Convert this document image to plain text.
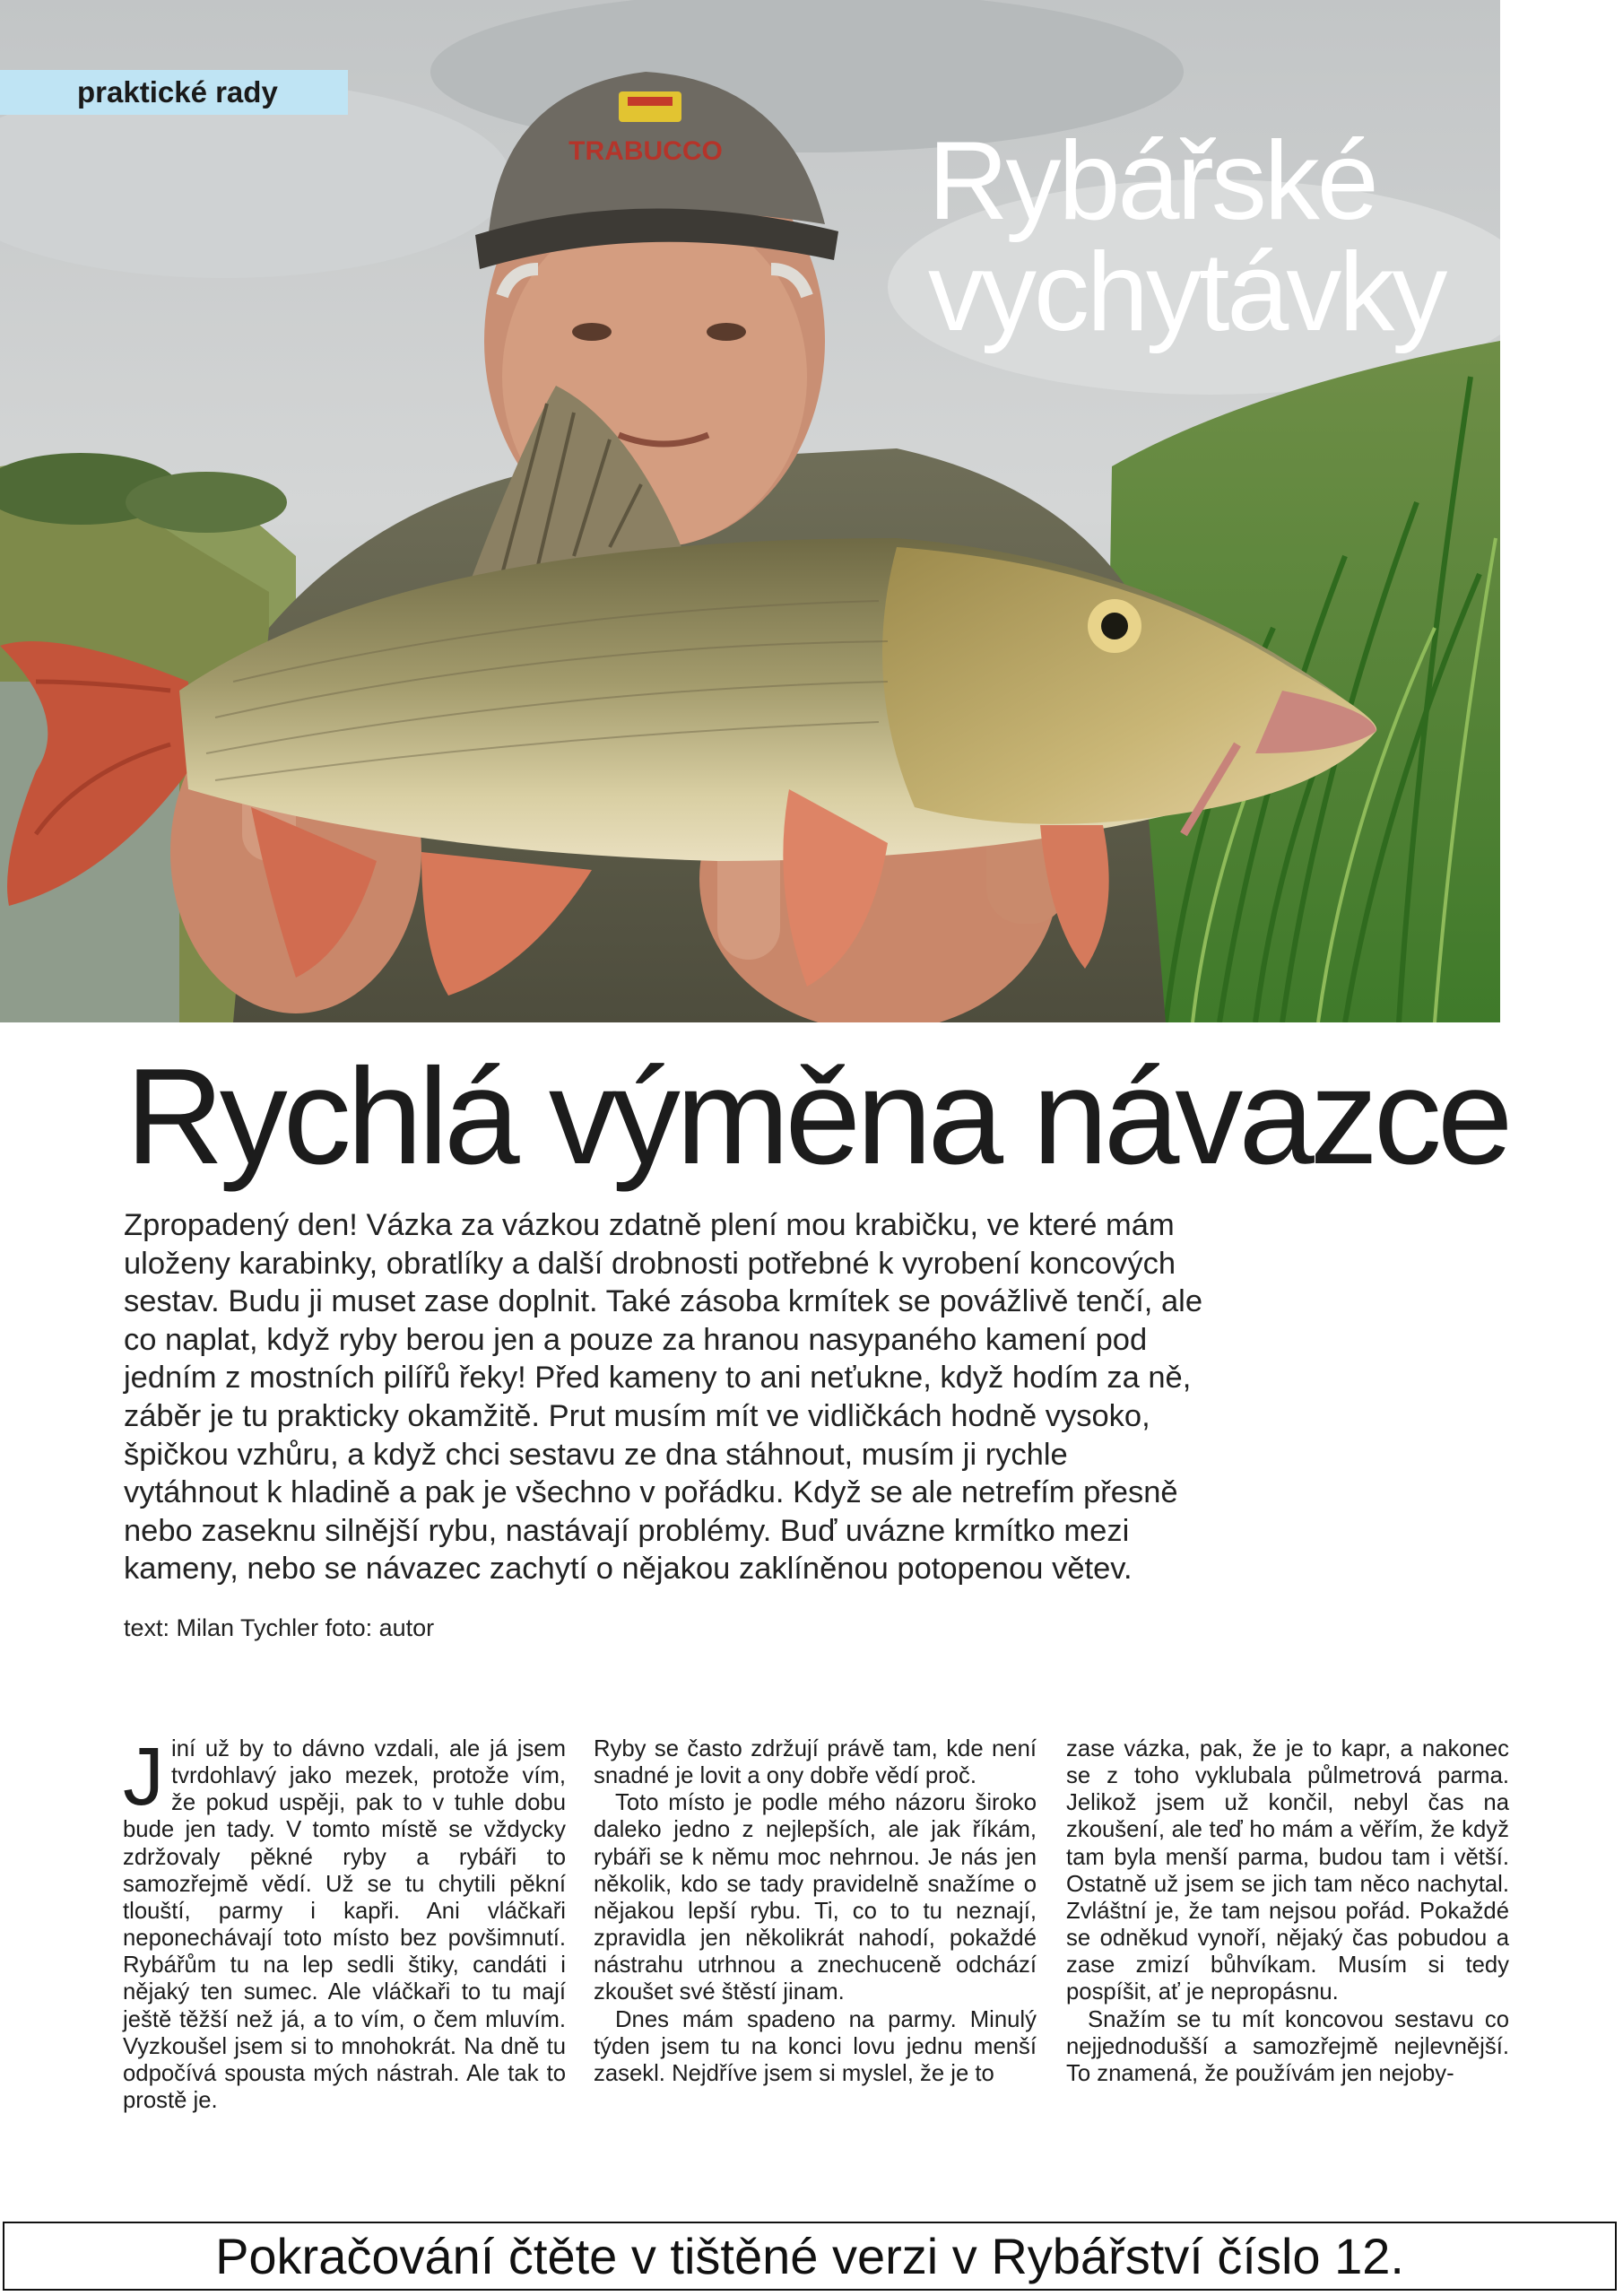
TRABUCCO
praktické rady
Rybářské
vychytávky
Rychlá výměna návazce

Zpropadený den! Vázka za vázkou zdatně plení mou krabičku, ve které mám uloženy karabinky, obratlíky a další drobnosti potřebné k vyrobení koncových sestav. Budu ji muset zase doplnit. Také zásoba krmítek se povážlivě tenčí, ale co naplat, když ryby berou jen a pouze za hranou nasypaného kamení pod jedním z mostních pilířů řeky! Před kameny to ani neťukne, když hodím za ně, záběr je tu prakticky okamžitě. Prut musím mít ve vidličkách hodně vysoko, špičkou vzhůru, a když chci sestavu ze dna stáhnout, musím ji rychle vytáhnout k hladině a pak je všechno v pořádku. Když se ale netrefím přesně nebo zaseknu silnější rybu, nastávají problémy. Buď uvázne krmítko mezi kameny, nebo se návazec zachytí o nějakou zaklíněnou potopenou větev.

text: Milan Tychler foto: autor

Jiní už by to dávno vzdali, ale já jsem tvrdohlavý jako mezek, protože vím, že pokud uspěji, pak to v tuhle dobu bude jen tady. V tomto místě se vždycky zdržovaly pěkné ryby a rybáři to samozřejmě vědí. Už se tu chytili pěkní tlouští, parmy i kapři. Ani vláčkaři neponechávají toto místo bez povšimnutí. Rybářům tu na lep sedli štiky, candáti i nějaký ten sumec. Ale vláčkaři to tu mají ještě těžší než já, a to vím, o čem mluvím. Vyzkoušel jsem si to mnohokrát. Na dně tu odpočívá spousta mých nástrah. Ale tak to prostě je.

Ryby se často zdržují právě tam, kde není snadné je lovit a ony dobře vědí proč.

Toto místo je podle mého názoru široko daleko jedno z nejlepších, ale jak říkám, rybáři se k němu moc nehrnou. Je nás jen několik, kdo se tady pravidelně snažíme o nějakou lepší rybu. Ti, co to tu neznají, zpravidla jen několikrát nahodí, pokaždé nástrahu utrhnou a znechuceně odchází zkoušet své štěstí jinam.

Dnes mám spadeno na parmy. Minulý týden jsem tu na konci lovu jednu menší zasekl. Nejdříve jsem si myslel, že je to

zase vázka, pak, že je to kapr, a nakonec se z toho vyklubala půlmetrová parma. Jelikož jsem už končil, nebyl čas na zkoušení, ale teď ho mám a věřím, že když tam byla menší parma, budou tam i větší. Ostatně už jsem se jich tam něco nachytal. Zvláštní je, že tam nejsou pořád. Pokaždé se odněkud vynoří, nějaký čas pobudou a zase zmizí bůhvíkam. Musím si tedy pospíšit, ať je nepropásnu.

Snažím se tu mít koncovou sestavu co nejjednodušší a samozřejmě nejlevnější. To znamená, že používám jen nejoby-

Pokračování čtěte v tištěné verzi v Rybářství číslo 12.
